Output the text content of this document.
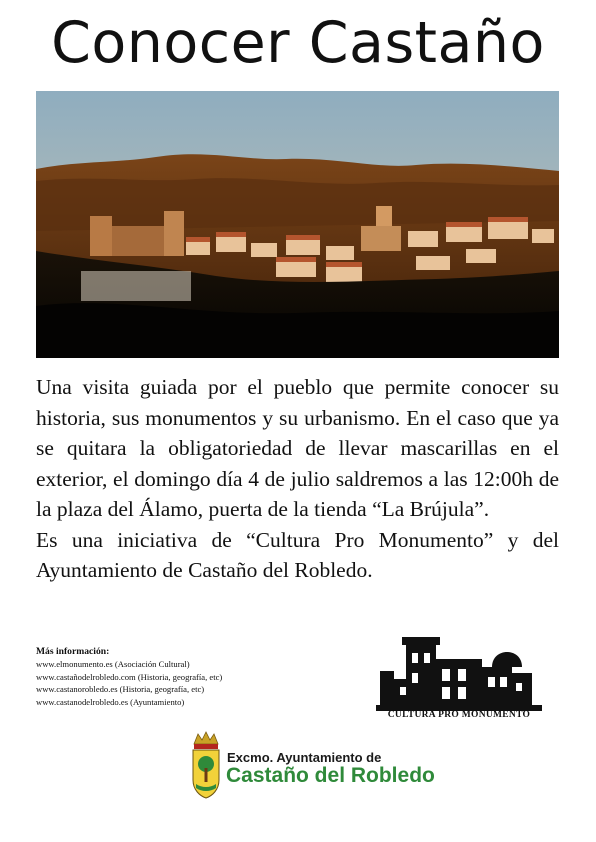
Conocer Castaño

Una visita guiada por el pueblo que permite conocer su historia, sus monumentos y su urbanismo. En el caso que ya se quitara la obligatoriedad de llevar mascarillas en el exterior, el domingo día 4 de julio saldremos a las 12:00h de la plaza del Álamo, puerta de la tienda “La Brújula”.

Es una iniciativa de “Cultura Pro Monumento” y del Ayuntamiento de Castaño del Robledo.

Más información:
www.elmonumento.es (Asociación Cultural)
www.castañodelrobledo.com (Historia, geografía, etc)
www.castanorobledo.es (Historia, geografía, etc)
www.castanodelrobledo.es (Ayuntamiento)
CULTURA PRO MONUMENTO
Excmo. Ayuntamiento de
Castaño del Robledo
